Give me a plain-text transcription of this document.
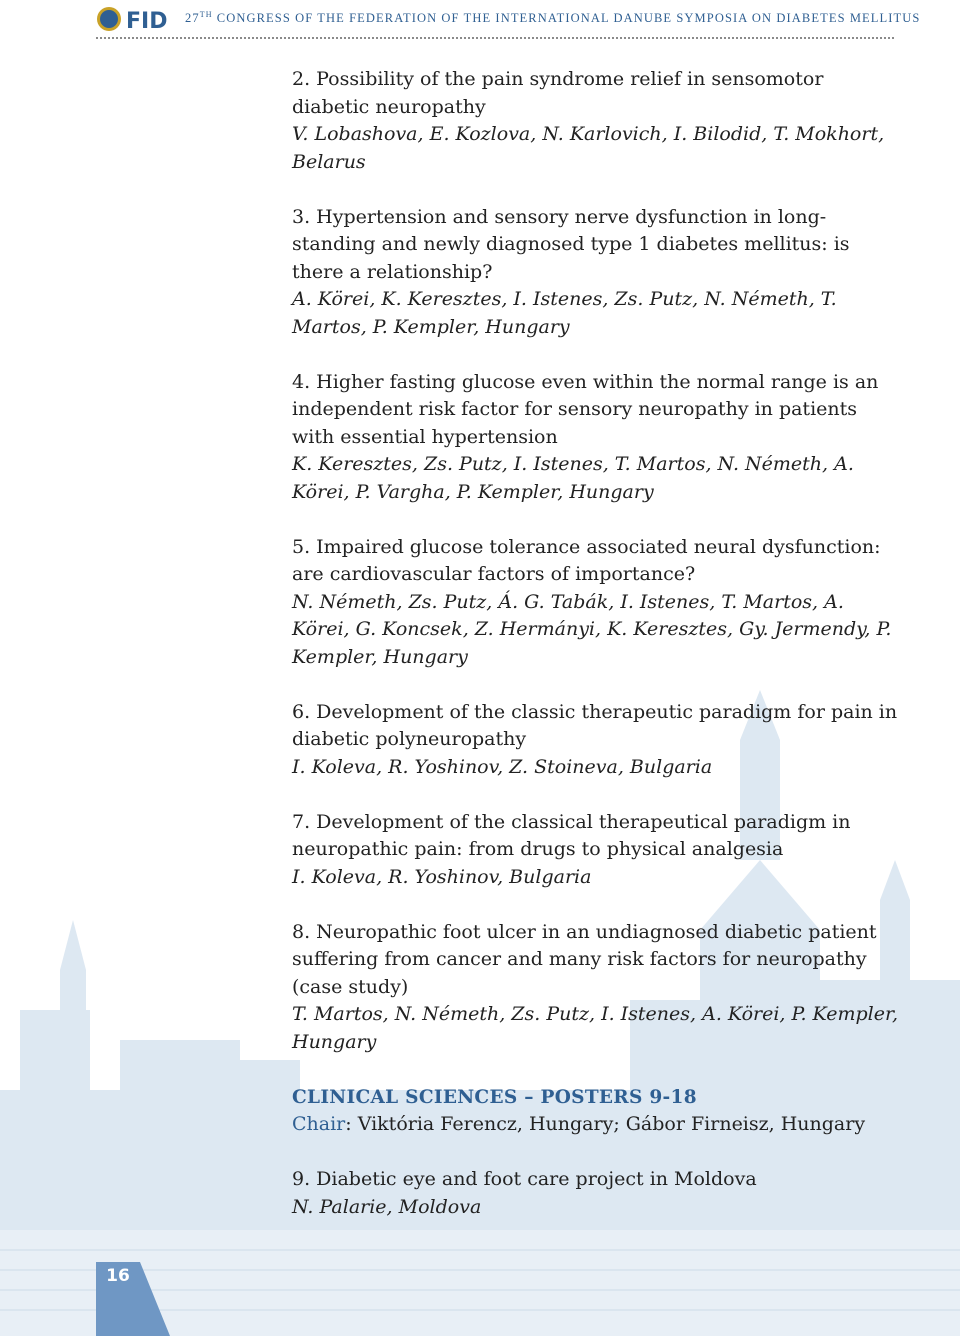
FID 27TH CONGRESS OF THE FEDERATION OF THE INTERNATIONAL DANUBE SYMPOSIA ON DIABETES MELLITUS

2. Possibility of the pain syndrome relief in sensomotor diabetic neuropathy

V. Lobashova, E. Kozlova, N. Karlovich, I. Bilodid, T. Mokhort, Belarus

3. Hypertension and sensory nerve dysfunction in long-standing and newly diagnosed type 1 diabetes mellitus: is there a relationship?

A. Körei, K. Keresztes, I. Istenes, Zs. Putz, N. Németh, T. Martos, P. Kempler, Hungary

4. Higher fasting glucose even within the normal range is an independent risk factor for sensory neuropathy in patients with essential hypertension

K. Keresztes, Zs. Putz, I. Istenes, T. Martos, N. Németh, A. Körei, P. Vargha, P. Kempler, Hungary

5. Impaired glucose tolerance associated neural dysfunction: are cardiovascular factors of importance?

N. Németh, Zs. Putz, Á. G. Tabák, I. Istenes, T. Martos, A. Körei, G. Koncsek, Z. Hermányi, K. Keresztes, Gy. Jermendy, P. Kempler, Hungary

6. Development of the classic therapeutic paradigm for pain in diabetic polyneuropathy

I. Koleva, R. Yoshinov, Z. Stoineva, Bulgaria

7. Development of the classical therapeutical paradigm in neuropathic pain: from drugs to physical analgesia

I. Koleva, R. Yoshinov, Bulgaria

8. Neuropathic foot ulcer in an undiagnosed diabetic patient suffering from cancer and many risk factors for neuropathy (case study)

T. Martos, N. Németh, Zs. Putz, I. Istenes, A. Körei, P. Kempler, Hungary

CLINICAL SCIENCES – POSTERS 9-18

Chair: Viktória Ferencz, Hungary; Gábor Firneisz, Hungary

9. Diabetic eye and foot care project in Moldova

N. Palarie, Moldova

16
